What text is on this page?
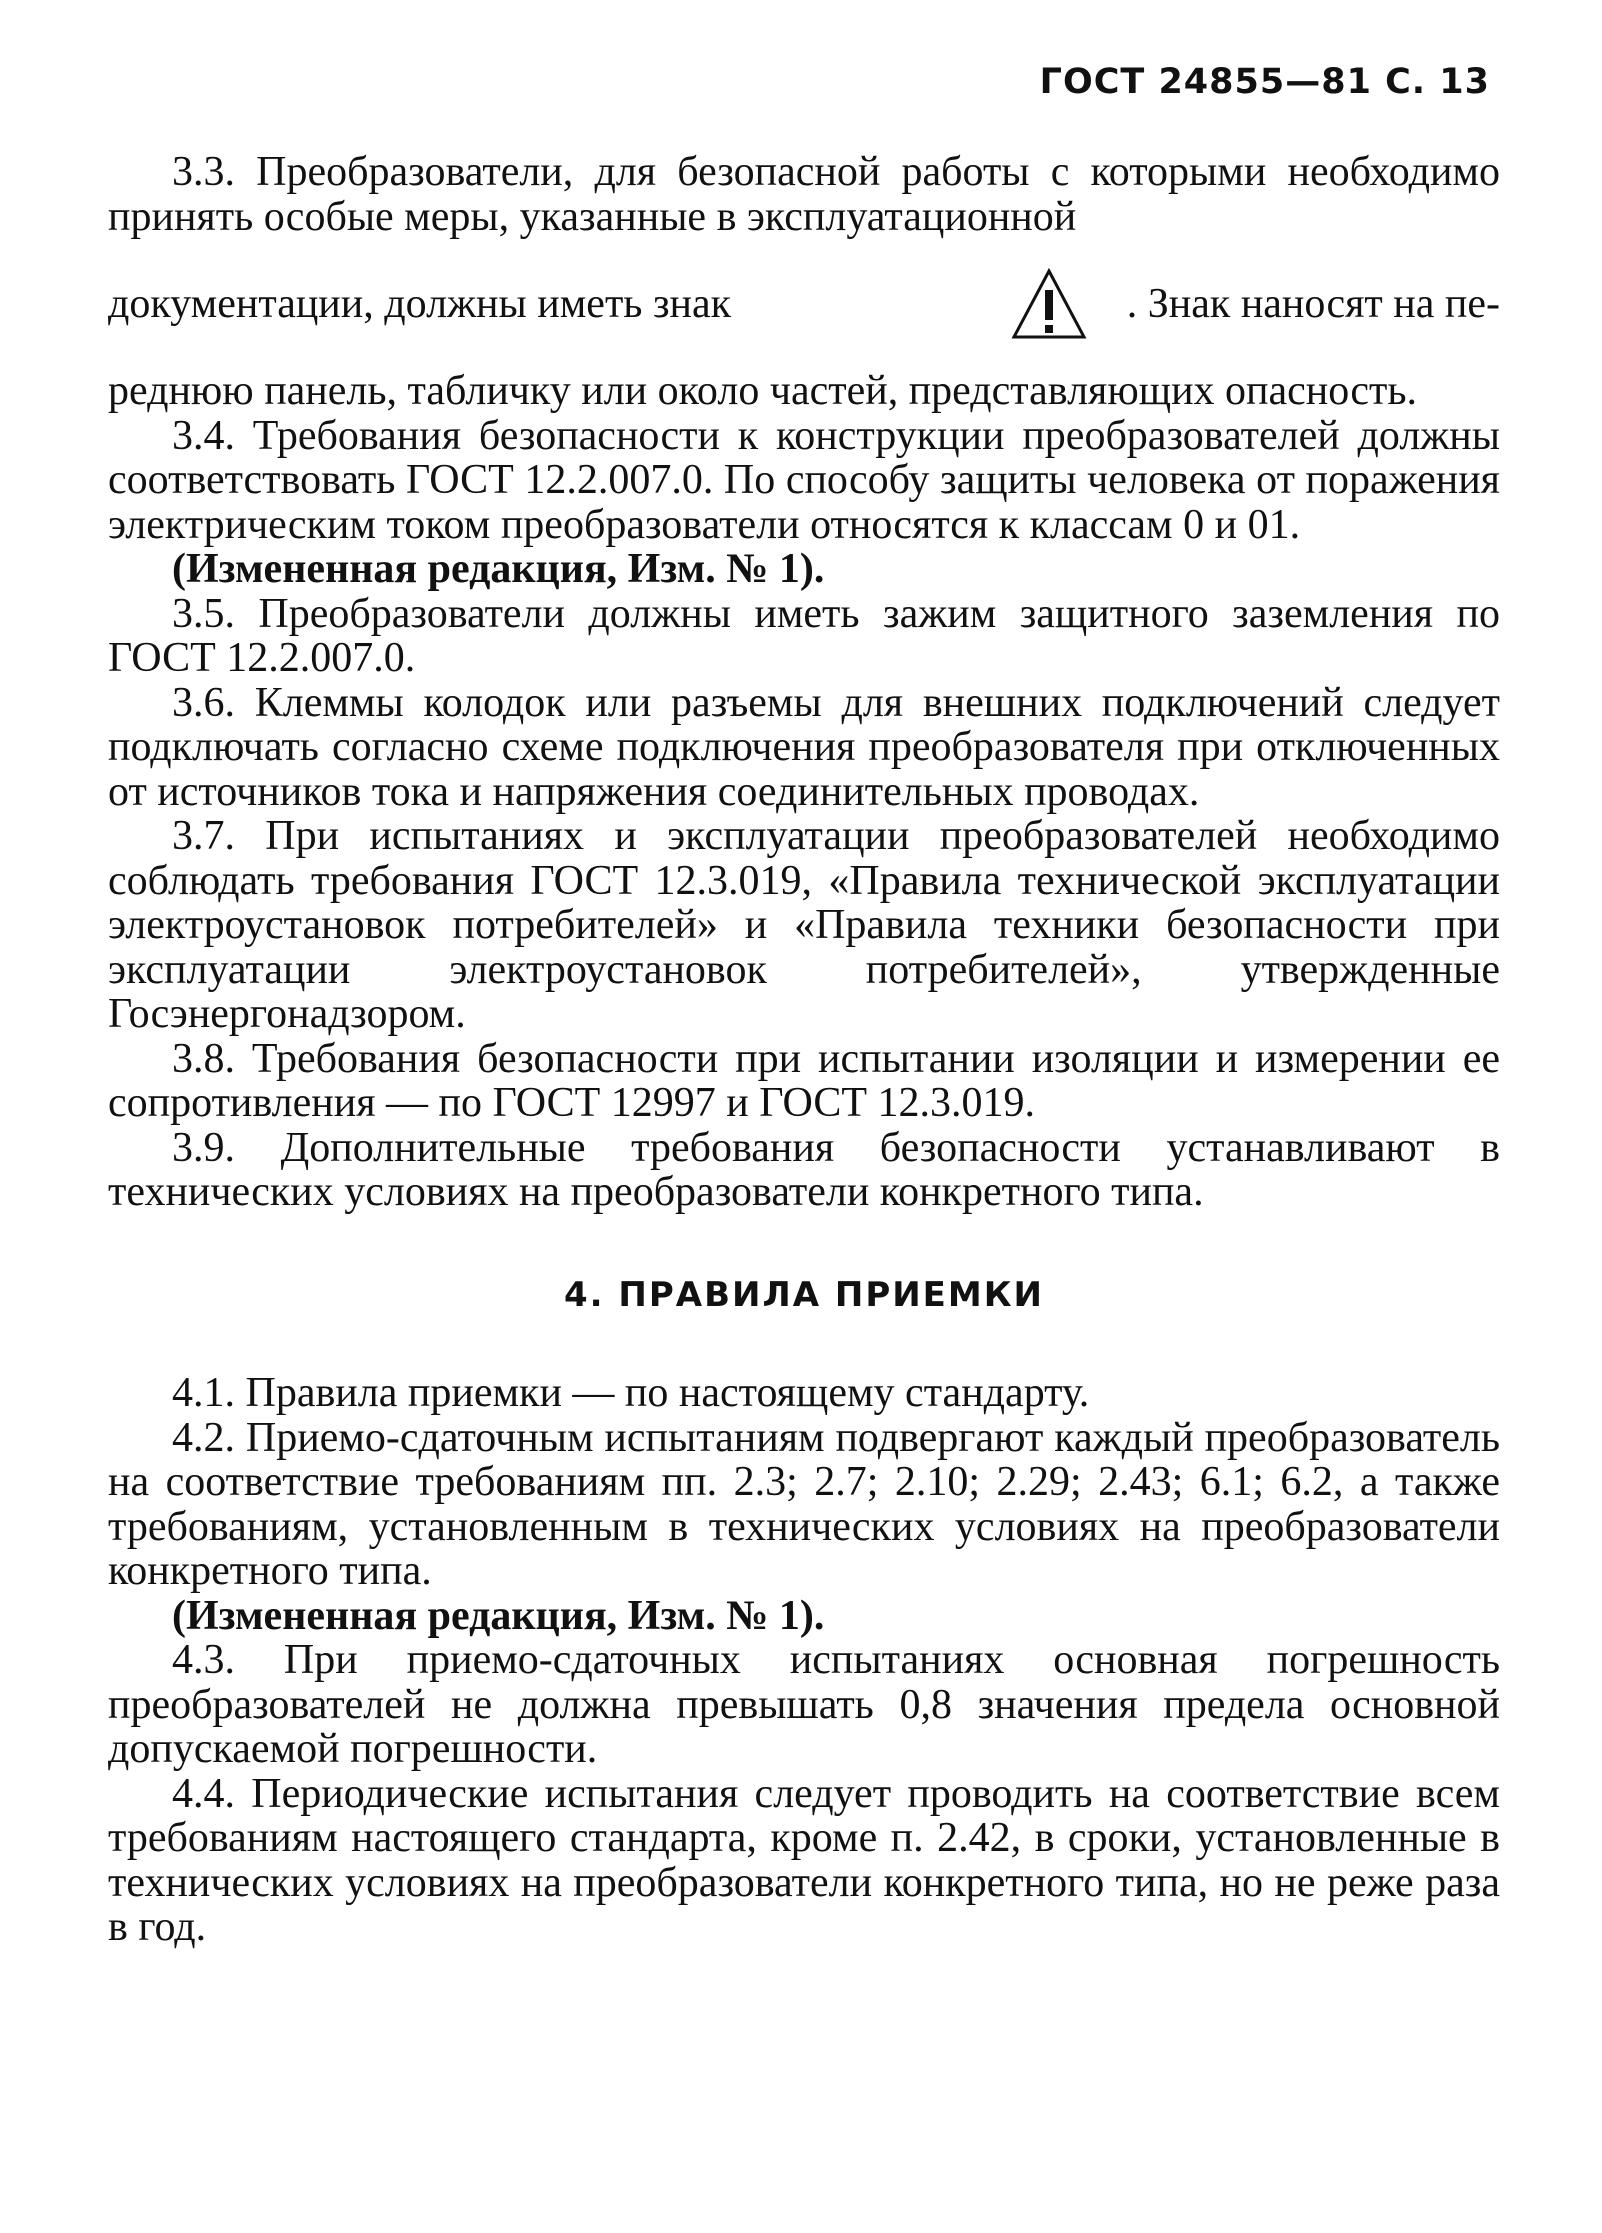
ГОСТ 24855—81 С. 13

3.3. Преобразователи, для безопасной работы с которыми необходимо принять особые меры, указанные в эксплуатационной

документации, должны иметь знак	. Знак наносят на пе-

реднюю панель, табличку или около частей, представляющих опасность.

3.4. Требования безопасности к конструкции преобразователей должны соответствовать ГОСТ 12.2.007.0. По способу защиты человека от поражения электрическим током преобразователи относятся к классам 0 и 01.

(Измененная редакция, Изм. № 1).

3.5. Преобразователи должны иметь зажим защитного заземления по ГОСТ 12.2.007.0.

3.6. Клеммы колодок или разъемы для внешних подключений следует подключать согласно схеме подключения преобразователя при отключенных от источников тока и напряжения соединительных проводах.

3.7. При испытаниях и эксплуатации преобразователей необходимо соблюдать требования ГОСТ 12.3.019, «Правила технической эксплуатации электроустановок потребителей» и «Правила техники безопасности при эксплуатации электроустановок потребителей», утвержденные Госэнергонадзором.

3.8. Требования безопасности при испытании изоляции и измерении ее сопротивления — по ГОСТ 12997 и ГОСТ 12.3.019.

3.9. Дополнительные требования безопасности устанавливают в технических условиях на преобразователи конкретного типа.

4. ПРАВИЛА ПРИЕМКИ

4.1. Правила приемки — по настоящему стандарту.

4.2. Приемо-сдаточным испытаниям подвергают каждый преобразователь на соответствие требованиям пп. 2.3; 2.7; 2.10; 2.29; 2.43; 6.1; 6.2, а также требованиям, установленным в технических условиях на преобразователи конкретного типа.

(Измененная редакция, Изм. № 1).

4.3. При приемо-сдаточных испытаниях основная погрешность преобразователей не должна превышать 0,8 значения предела основной допускаемой погрешности.

4.4. Периодические испытания следует проводить на соответствие всем требованиям настоящего стандарта, кроме п. 2.42, в сроки, установленные в технических условиях на преобразователи конкретного типа, но не реже раза в год.
